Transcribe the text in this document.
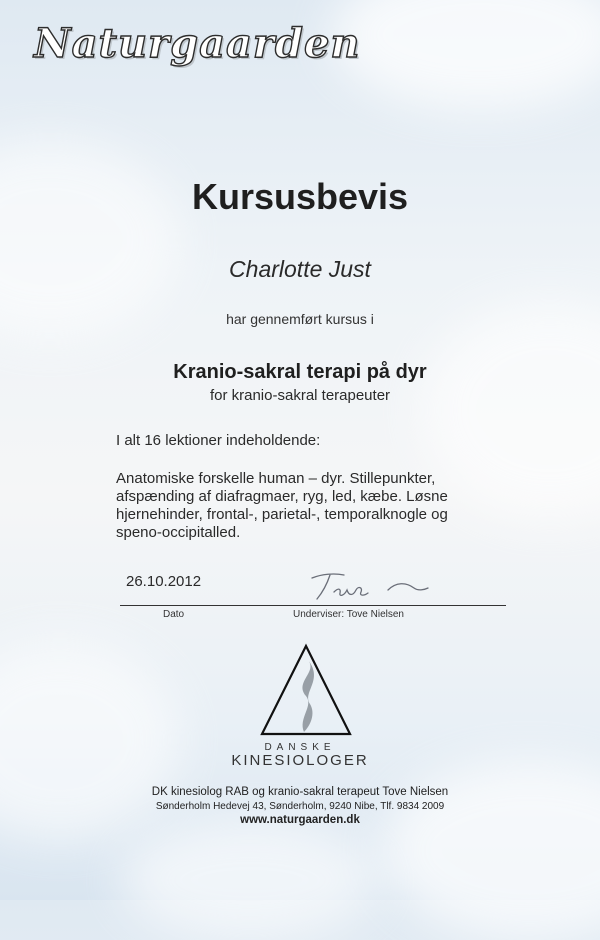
Naturgaarden
Kursusbevis
Charlotte Just
har gennemført kursus i
Kranio-sakral terapi på dyr
for kranio-sakral terapeuter
I alt 16 lektioner indeholdende:
Anatomiske forskelle human – dyr. Stillepunkter,
afspænding af diafragmaer, ryg, led, kæbe. Løsne
hjernehinder, frontal-, parietal-, temporalknogle og
speno-occipitalled.
26.10.2012
Dato	Underviser: Tove Nielsen
DANSKE
KINESIOLOGER
DK kinesiolog RAB og kranio-sakral terapeut Tove Nielsen
Sønderholm Hedevej 43, Sønderholm, 9240 Nibe, Tlf. 9834 2009
www.naturgaarden.dk
